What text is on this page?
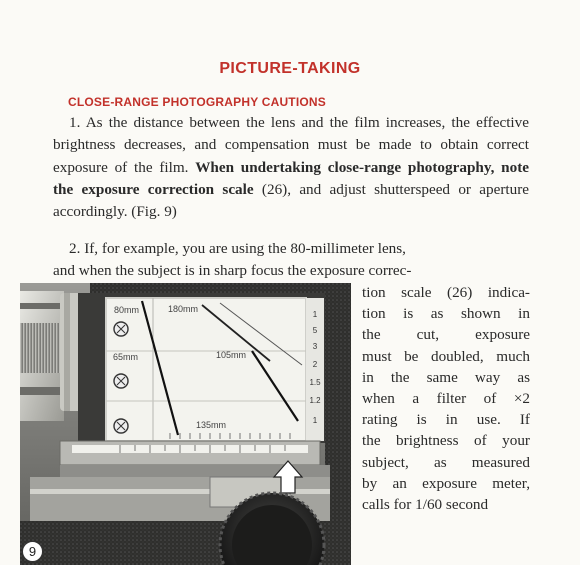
PICTURE-TAKING
CLOSE-RANGE PHOTOGRAPHY CAUTIONS

1. As the distance between the lens and the film increases, the effective brightness decreases, and compensation must be made to obtain correct exposure of the film. When undertaking close-range photography, note the exposure correction scale (26), and adjust shutterspeed or aperture accordingly. (Fig. 9)

2. If, for example, you are using the 80-millimeter lens,
and when the subject is in sharp focus the exposure correc-

tion scale (26) indica-
tion is as shown in
the cut, exposure
must be doubled, much
in the same way as
when a filter of ×2
rating is in use. If
the brightness of your
subject, as measured
by an exposure meter,
calls for 1/60 second

80mm	180mm
65mm	105mm
135mm
1
5
3
2
1.5
1.2
1
9
